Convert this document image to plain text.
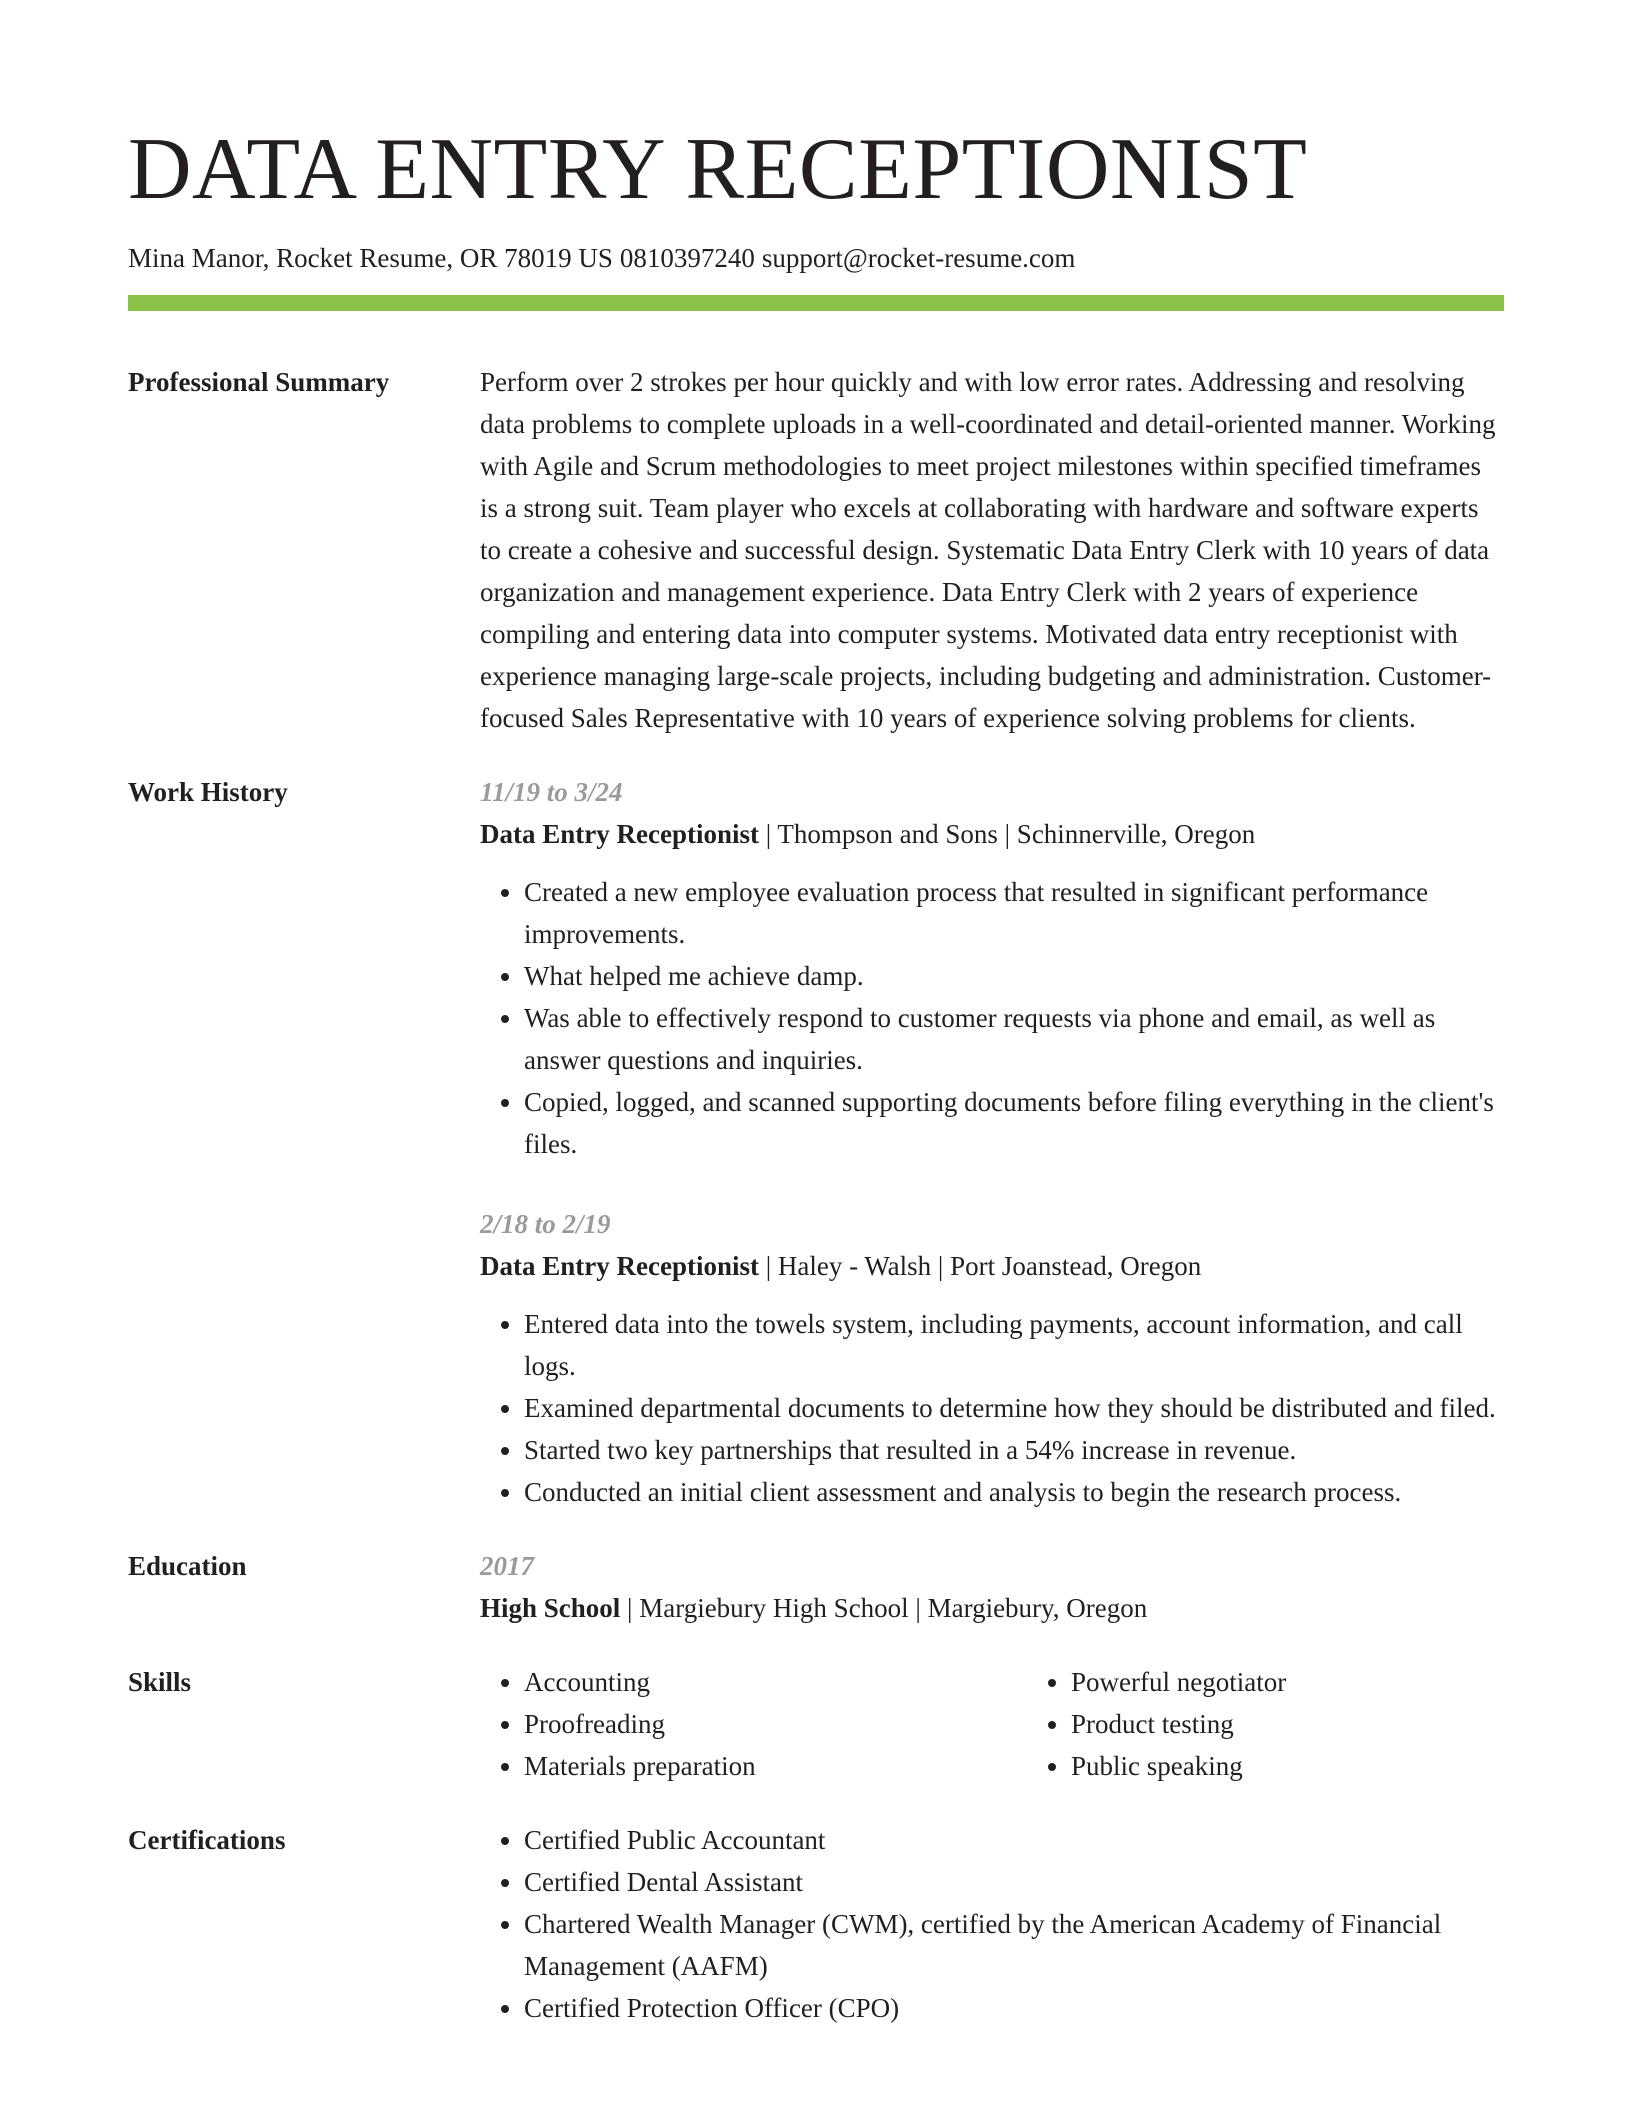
DATA ENTRY RECEPTIONIST
Mina Manor, Rocket Resume, OR 78019 US 0810397240 support@rocket-resume.com
Professional Summary	Perform over 2 strokes per hour quickly and with low error rates. Addressing and resolving data problems to complete uploads in a well-coordinated and detail-oriented manner. Working with Agile and Scrum methodologies to meet project milestones within specified timeframes is a strong suit. Team player who excels at collaborating with hardware and software experts to create a cohesive and successful design. Systematic Data Entry Clerk with 10 years of data organization and management experience. Data Entry Clerk with 2 years of experience compiling and entering data into computer systems. Motivated data entry receptionist with experience managing large-scale projects, including budgeting and administration. Customer-focused Sales Representative with 10 years of experience solving problems for clients.
Work History	11/19 to 3/24
Data Entry Receptionist | Thompson and Sons | Schinnerville, Oregon
• Created a new employee evaluation process that resulted in significant performance improvements.
• What helped me achieve damp.
• Was able to effectively respond to customer requests via phone and email, as well as answer questions and inquiries.
• Copied, logged, and scanned supporting documents before filing everything in the client's files.
2/18 to 2/19
Data Entry Receptionist | Haley - Walsh | Port Joanstead, Oregon
• Entered data into the towels system, including payments, account information, and call logs.
• Examined departmental documents to determine how they should be distributed and filed.
• Started two key partnerships that resulted in a 54% increase in revenue.
• Conducted an initial client assessment and analysis to begin the research process.
Education	2017
High School | Margiebury High School | Margiebury, Oregon
Skills	• Accounting
• Proofreading
• Materials preparation
• Powerful negotiator
• Product testing
• Public speaking
Certifications	• Certified Public Accountant
• Certified Dental Assistant
• Chartered Wealth Manager (CWM), certified by the American Academy of Financial Management (AAFM)
• Certified Protection Officer (CPO)
